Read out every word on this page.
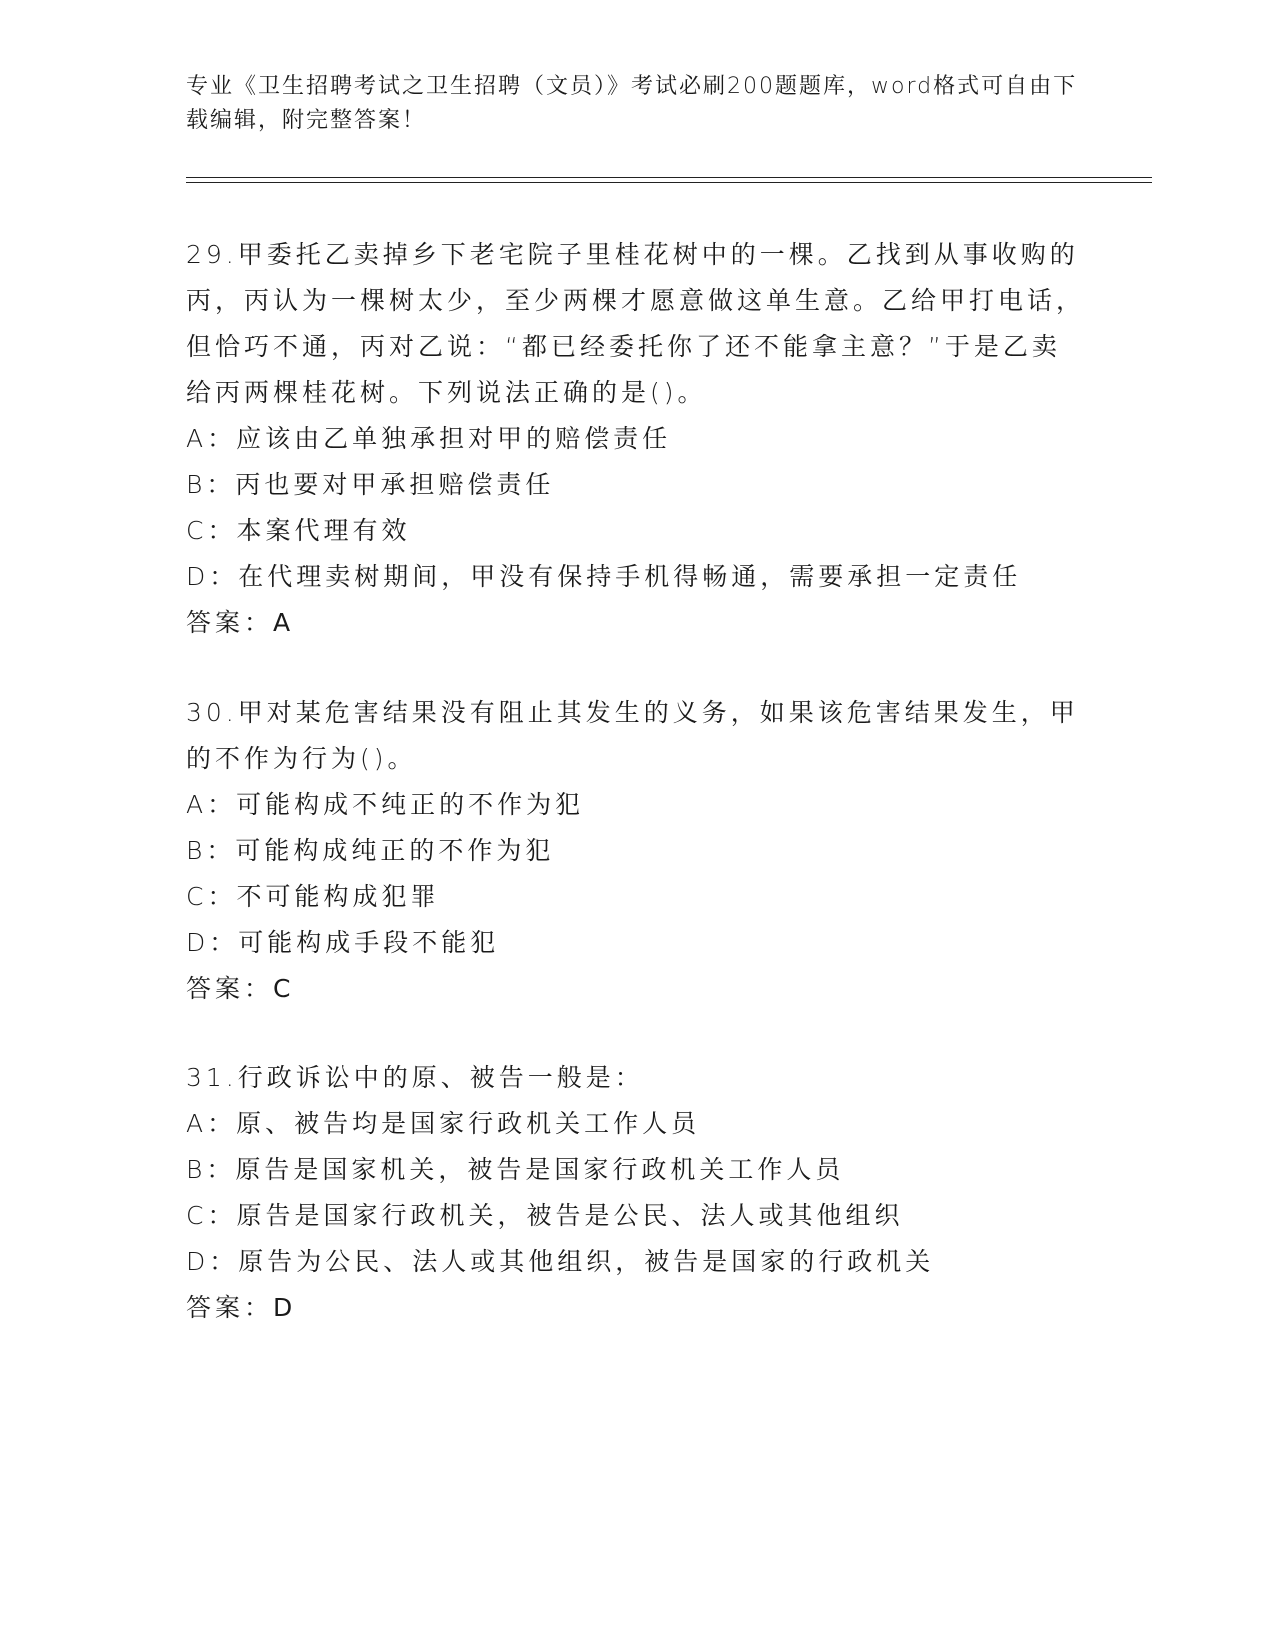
专业《卫生招聘考试之卫生招聘（文员）》考试必刷200题题库，word格式可自由下载编辑，附完整答案！

29.甲委托乙卖掉乡下老宅院子里桂花树中的一棵。乙找到从事收购的丙，丙认为一棵树太少，至少两棵才愿意做这单生意。乙给甲打电话，但恰巧不通，丙对乙说：“都已经委托你了还不能拿主意？”于是乙卖给丙两棵桂花树。下列说法正确的是()。

A：应该由乙单独承担对甲的赔偿责任

B：丙也要对甲承担赔偿责任

C：本案代理有效

D：在代理卖树期间，甲没有保持手机得畅通，需要承担一定责任

答案：A

30.甲对某危害结果没有阻止其发生的义务，如果该危害结果发生，甲的不作为行为()。

A：可能构成不纯正的不作为犯

B：可能构成纯正的不作为犯

C：不可能构成犯罪

D：可能构成手段不能犯

答案：C

31.行政诉讼中的原、被告一般是：

A：原、被告均是国家行政机关工作人员

B：原告是国家机关，被告是国家行政机关工作人员

C：原告是国家行政机关，被告是公民、法人或其他组织

D：原告为公民、法人或其他组织，被告是国家的行政机关

答案：D
